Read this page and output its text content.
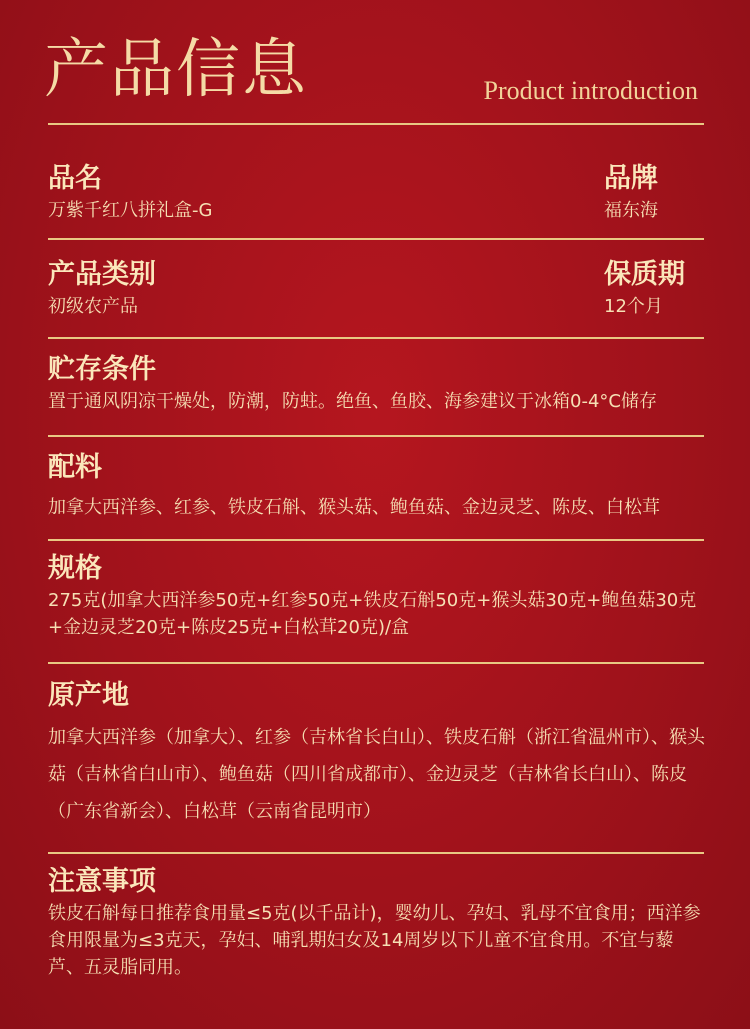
产品信息	Product introduction
品名
万紫千红八拼礼盒-G
品牌
福东海
产品类别
初级农产品
保质期
12个月
贮存条件
置于通风阴凉干燥处，防潮，防蛀。绝鱼、鱼胶、海参建议于冰箱0-4°C储存
配料
加拿大西洋参、红参、铁皮石斛、猴头菇、鲍鱼菇、金边灵芝、陈皮、白松茸
规格
275克(加拿大西洋参50克+红参50克+铁皮石斛50克+猴头菇30克+鲍鱼菇30克+金边灵芝20克+陈皮25克+白松茸20克)/盒
原产地
加拿大西洋参（加拿大）、红参（吉林省长白山）、铁皮石斛（浙江省温州市）、猴头菇（吉林省白山市）、鲍鱼菇（四川省成都市）、金边灵芝（吉林省长白山）、陈皮（广东省新会）、白松茸（云南省昆明市）
注意事项
铁皮石斛每日推荐食用量≤5克(以千品计)，婴幼儿、孕妇、乳母不宜食用；西洋参食用限量为≤3克天，孕妇、哺乳期妇女及14周岁以下儿童不宜食用。不宜与藜芦、五灵脂同用。
